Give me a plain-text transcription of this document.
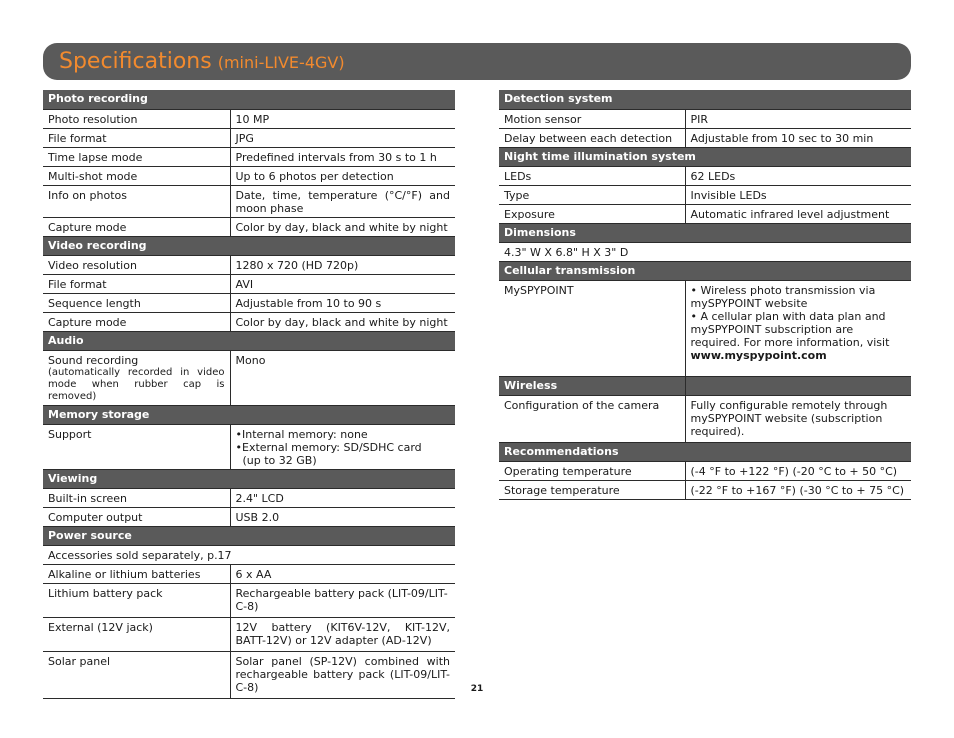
Specifications (mini-LIVE-4GV)
Photo recording	
Photo resolution	10 MP
File format	JPG
Time lapse mode	Predefined intervals from 30 s to 1 h
Multi-shot mode	Up to 6 photos per detection
Info on photos	Date, time, temperature (°C/°F) and moon phase
Capture mode	Color by day, black and white by night
Video recording	
Video resolution	1280 x 720 (HD 720p)
File format	AVI
Sequence length	Adjustable from 10 to 90 s
Capture mode	Color by day, black and white by night
Audio	

Sound recording
(automatically recorded in video mode when rubber cap is removed)	Mono
Memory storage	
Support	•Internal memory: none
•External memory: SD/SDHC card
(up to 32 GB)

Viewing	
Built-in screen	2.4" LCD
Computer output	USB 2.0
Power source	
Accessories sold separately, p.17	
Alkaline or lithium batteries	6 x AA
Lithium battery pack	Rechargeable battery pack (LIT-09/LIT-C-8)
External (12V jack)	12V battery (KIT6V-12V, KIT-12V, BATT-12V) or 12V adapter (AD-12V)
Solar panel	Solar panel (SP-12V) combined with rechargeable battery pack (LIT-09/LIT-C-8)
Detection system	
Motion sensor	PIR
Delay between each detection	Adjustable from 10 sec to 30 min
Night time illumination system	
LEDs	62 LEDs
Type	Invisible LEDs
Exposure	Automatic infrared level adjustment
Dimensions	
4.3" W X 6.8" H X 3" D	
Cellular transmission	
MySPYPOINT	• Wireless photo transmission via mySPYPOINT website
• A cellular plan with data plan and mySPYPOINT subscription are required. For more information, visit
www.myspypoint.com

Wireless	
Configuration of the camera	Fully configurable remotely through mySPYPOINT website (subscription required).
Recommendations	
Operating temperature	(-4 °F to +122 °F) (-20 °C to + 50 °C)
Storage temperature	(-22 °F to +167 °F) (-30 °C to + 75 °C)
21
